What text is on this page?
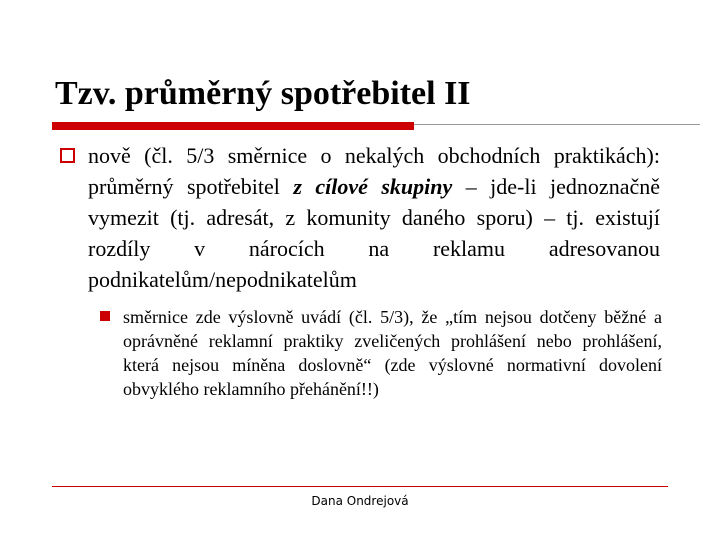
Tzv. průměrný spotřebitel II
nově (čl. 5/3 směrnice o nekalých obchodních praktikách): průměrný spotřebitel z cílové skupiny – jde-li jednoznačně vymezit (tj. adresát, z komunity daného sporu) – tj. existují rozdíly v nárocích na reklamu adresovanou podnikatelům/nepodnikatelům
směrnice zde výslovně uvádí (čl. 5/3), že „tím nejsou dotčeny běžné a oprávněné reklamní praktiky zveličených prohlášení nebo prohlášení, která nejsou míněna doslovně“ (zde výslovné normativní dovolení obvyklého reklamního přehánění!!)
Dana Ondrejová
